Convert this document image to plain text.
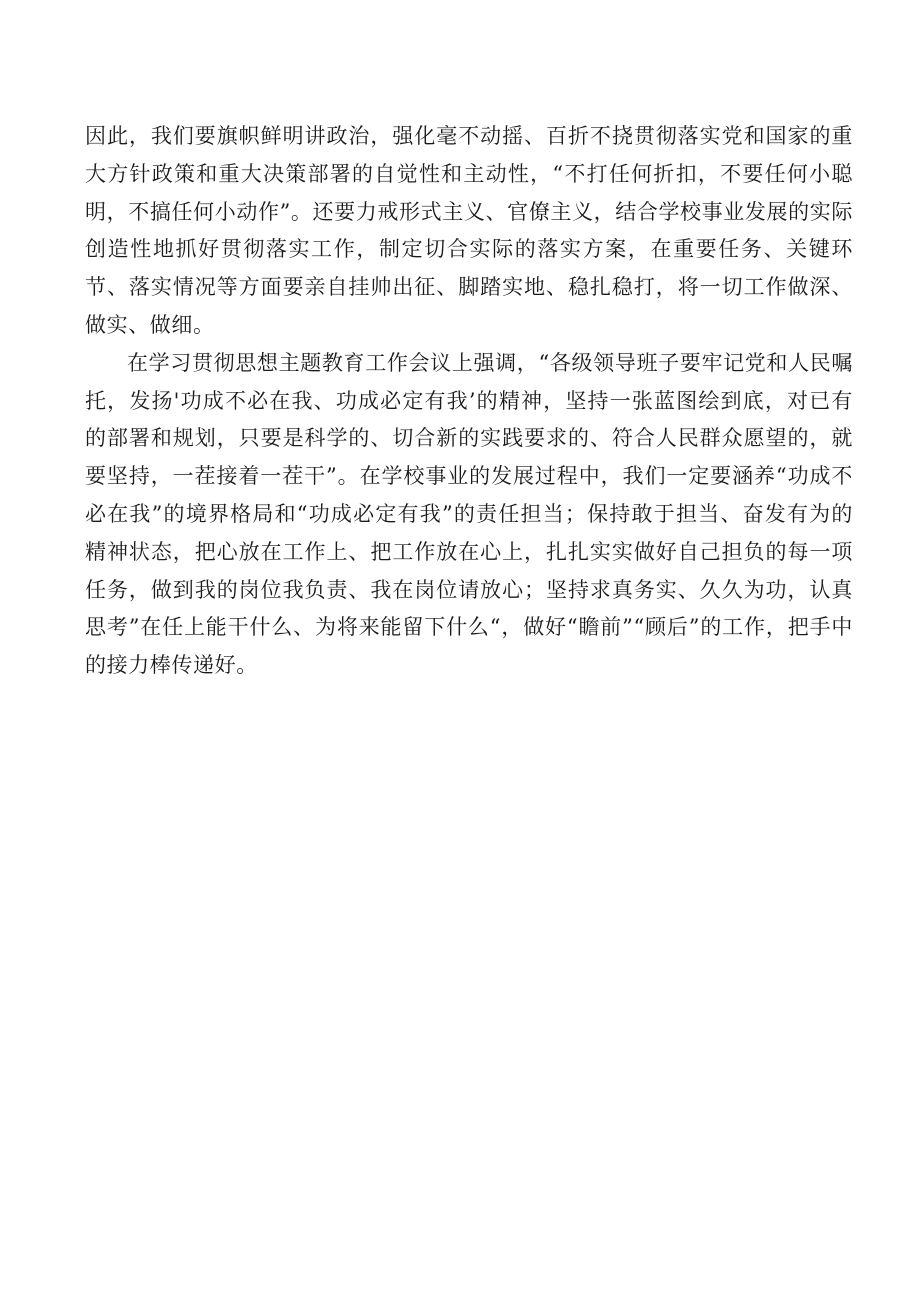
因此，我们要旗帜鲜明讲政治，强化毫不动摇、百折不挠贯彻落实党和国家的重大方针政策和重大决策部署的自觉性和主动性，“不打任何折扣，不要任何小聪明，不搞任何小动作”。还要力戒形式主义、官僚主义，结合学校事业发展的实际创造性地抓好贯彻落实工作，制定切合实际的落实方案，在重要任务、关键环节、落实情况等方面要亲自挂帅出征、脚踏实地、稳扎稳打，将一切工作做深、做实、做细。

在学习贯彻思想主题教育工作会议上强调，“各级领导班子要牢记党和人民嘱托，发扬'功成不必在我、功成必定有我’的精神，坚持一张蓝图绘到底，对已有的部署和规划，只要是科学的、切合新的实践要求的、符合人民群众愿望的，就要坚持，一茬接着一茬干”。在学校事业的发展过程中，我们一定要涵养“功成不必在我”的境界格局和“功成必定有我”的责任担当；保持敢于担当、奋发有为的精神状态，把心放在工作上、把工作放在心上，扎扎实实做好自己担负的每一项任务，做到我的岗位我负责、我在岗位请放心；坚持求真务实、久久为功，认真思考”在任上能干什么、为将来能留下什么“，做好“瞻前”“顾后”的工作，把手中的接力棒传递好。
